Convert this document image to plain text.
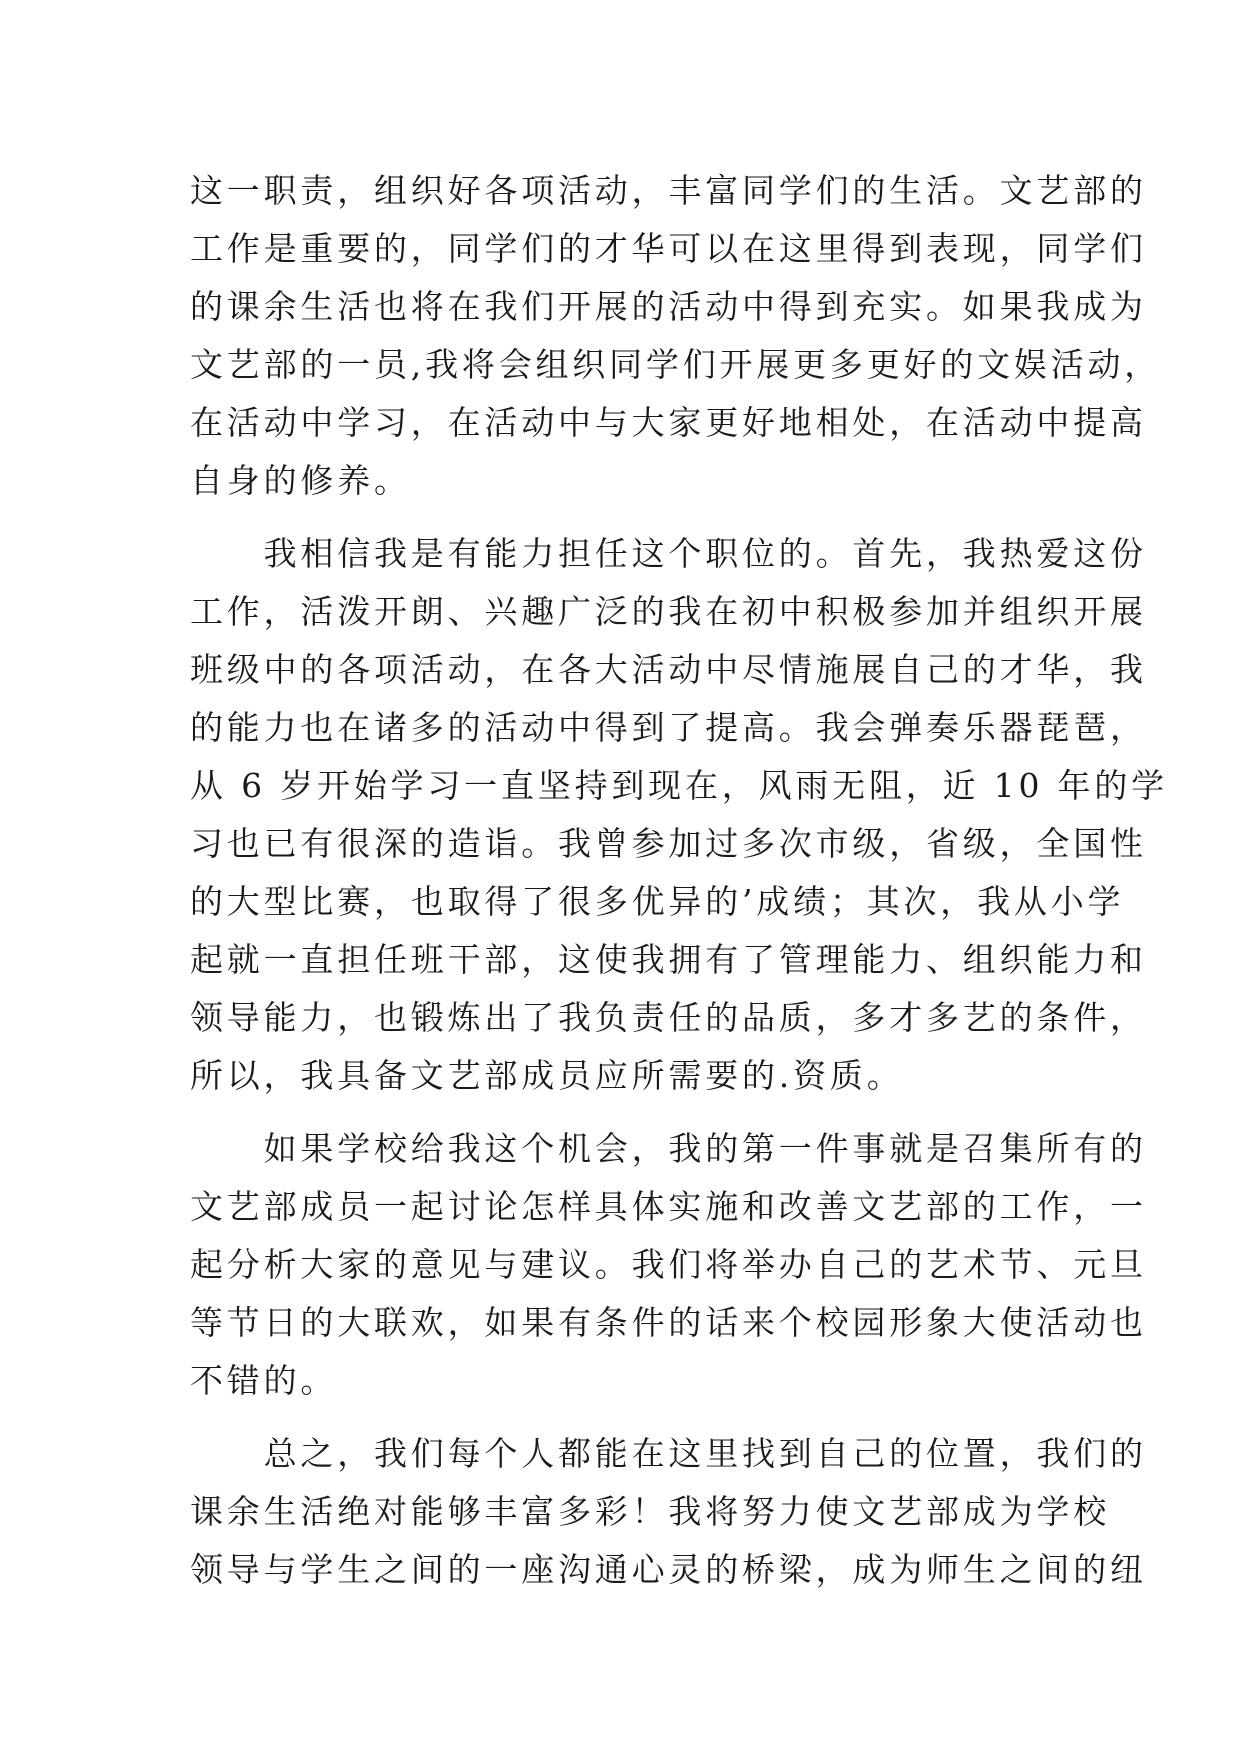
这一职责，组织好各项活动，丰富同学们的生活。文艺部的
工作是重要的，同学们的才华可以在这里得到表现，同学们
的课余生活也将在我们开展的活动中得到充实。如果我成为
文艺部的一员,我将会组织同学们开展更多更好的文娱活动，
在活动中学习，在活动中与大家更好地相处，在活动中提高
自身的修养。
　　我相信我是有能力担任这个职位的。首先，我热爱这份
工作，活泼开朗、兴趣广泛的我在初中积极参加并组织开展
班级中的各项活动，在各大活动中尽情施展自己的才华，我
的能力也在诸多的活动中得到了提高。我会弹奏乐器琵琶，
从 6 岁开始学习一直坚持到现在，风雨无阻，近 10 年的学
习也已有很深的造诣。我曾参加过多次市级，省级，全国性
的大型比赛，也取得了很多优异的’成绩；其次，我从小学
起就一直担任班干部，这使我拥有了管理能力、组织能力和
领导能力，也锻炼出了我负责任的品质，多才多艺的条件，
所以，我具备文艺部成员应所需要的.资质。
　　如果学校给我这个机会，我的第一件事就是召集所有的
文艺部成员一起讨论怎样具体实施和改善文艺部的工作，一
起分析大家的意见与建议。我们将举办自己的艺术节、元旦
等节日的大联欢，如果有条件的话来个校园形象大使活动也
不错的。
　　总之，我们每个人都能在这里找到自己的位置，我们的
课余生活绝对能够丰富多彩！我将努力使文艺部成为学校
领导与学生之间的一座沟通心灵的桥梁，成为师生之间的纽
